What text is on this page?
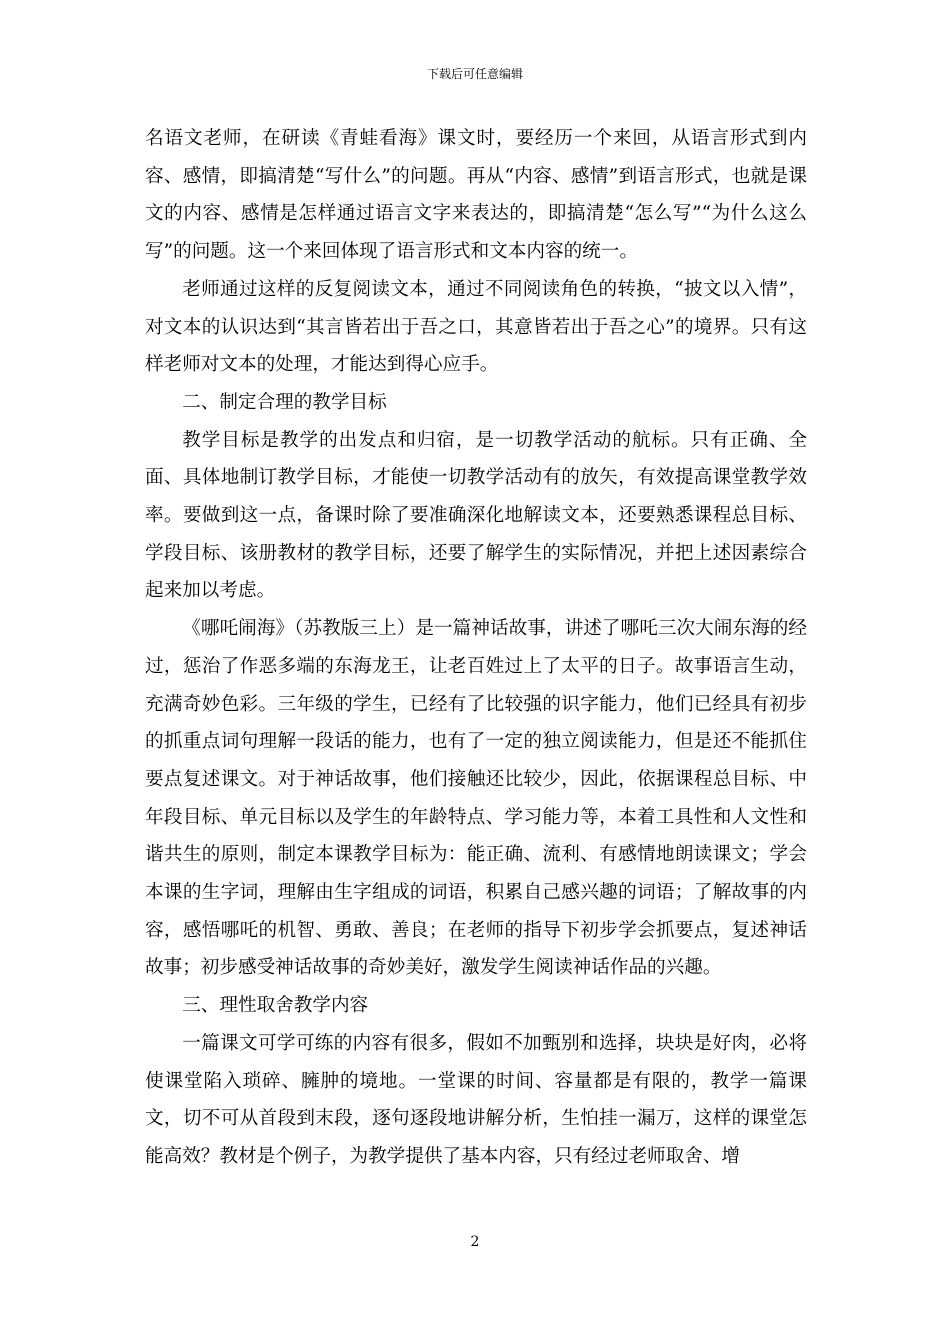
下载后可任意编辑

名语文老师，在研读《青蛙看海》课文时，要经历一个来回，从语言形式到内容、感情，即搞清楚“写什么”的问题。再从“内容、感情”到语言形式，也就是课文的内容、感情是怎样通过语言文字来表达的，即搞清楚“怎么写”“为什么这么写”的问题。这一个来回体现了语言形式和文本内容的统一。

老师通过这样的反复阅读文本，通过不同阅读角色的转换，“披文以入情”，对文本的认识达到“其言皆若出于吾之口，其意皆若出于吾之心”的境界。只有这样老师对文本的处理，才能达到得心应手。

二、制定合理的教学目标

教学目标是教学的出发点和归宿，是一切教学活动的航标。只有正确、全面、具体地制订教学目标，才能使一切教学活动有的放矢，有效提高课堂教学效率。要做到这一点，备课时除了要准确深化地解读文本，还要熟悉课程总目标、学段目标、该册教材的教学目标，还要了解学生的实际情况，并把上述因素综合起来加以考虑。

《哪吒闹海》（苏教版三上）是一篇神话故事，讲述了哪吒三次大闹东海的经过，惩治了作恶多端的东海龙王，让老百姓过上了太平的日子。故事语言生动，充满奇妙色彩。三年级的学生，已经有了比较强的识字能力，他们已经具有初步的抓重点词句理解一段话的能力，也有了一定的独立阅读能力，但是还不能抓住要点复述课文。对于神话故事，他们接触还比较少，因此，依据课程总目标、中年段目标、单元目标以及学生的年龄特点、学习能力等，本着工具性和人文性和谐共生的原则，制定本课教学目标为：能正确、流利、有感情地朗读课文；学会本课的生字词，理解由生字组成的词语，积累自己感兴趣的词语；了解故事的内容，感悟哪吒的机智、勇敢、善良；在老师的指导下初步学会抓要点，复述神话故事；初步感受神话故事的奇妙美好，激发学生阅读神话作品的兴趣。

三、理性取舍教学内容

一篇课文可学可练的内容有很多，假如不加甄别和选择，块块是好肉，必将使课堂陷入琐碎、臃肿的境地。一堂课的时间、容量都是有限的，教学一篇课文，切不可从首段到末段，逐句逐段地讲解分析，生怕挂一漏万，这样的课堂怎能高效？教材是个例子，为教学提供了基本内容，只有经过老师取舍、增

2
